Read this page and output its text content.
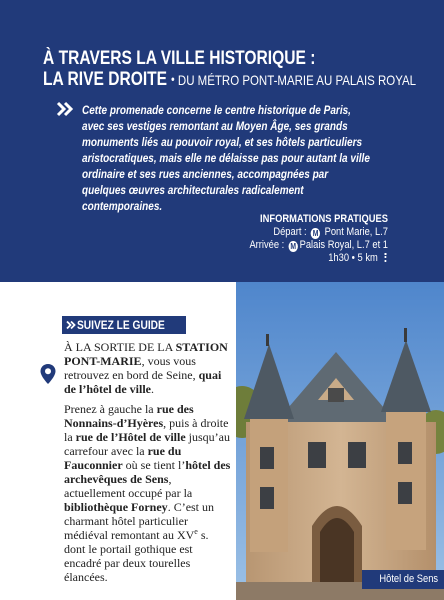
À TRAVERS LA VILLE HISTORIQUE :
LA RIVE DROITE • DU MÉTRO PONT-MARIE AU PALAIS ROYAL
Cette promenade concerne le centre historique de Paris, avec ses vestiges remontant au Moyen Âge, ses grands monuments liés au pouvoir royal, et ses hôtels particuliers aristocratiques, mais elle ne délaisse pas pour autant la ville ordinaire et ses rues anciennes, accompagnées par quelques œuvres architecturales radicalement contemporaines.
INFORMATIONS PRATIQUES
Départ : M Pont Marie, L.7
Arrivée : M Palais Royal, L.7 et 1
1h30 • 5 km
SUIVEZ LE GUIDE

À LA SORTIE DE LA STATION PONT-MARIE, vous vous retrouvez en bord de Seine, quai de l’hôtel de ville.

Prenez à gauche la rue des Nonnains-d’Hyères, puis à droite la rue de l’Hôtel de ville jusqu’au carrefour avec la rue du Fauconnier où se tient l’hôtel des archevêques de Sens, actuellement occupé par la bibliothèque Forney. C’est un charmant hôtel particulier médiéval remontant au XVe s. dont le portail gothique est encadré par deux tourelles élancées.	Hôtel de Sens
